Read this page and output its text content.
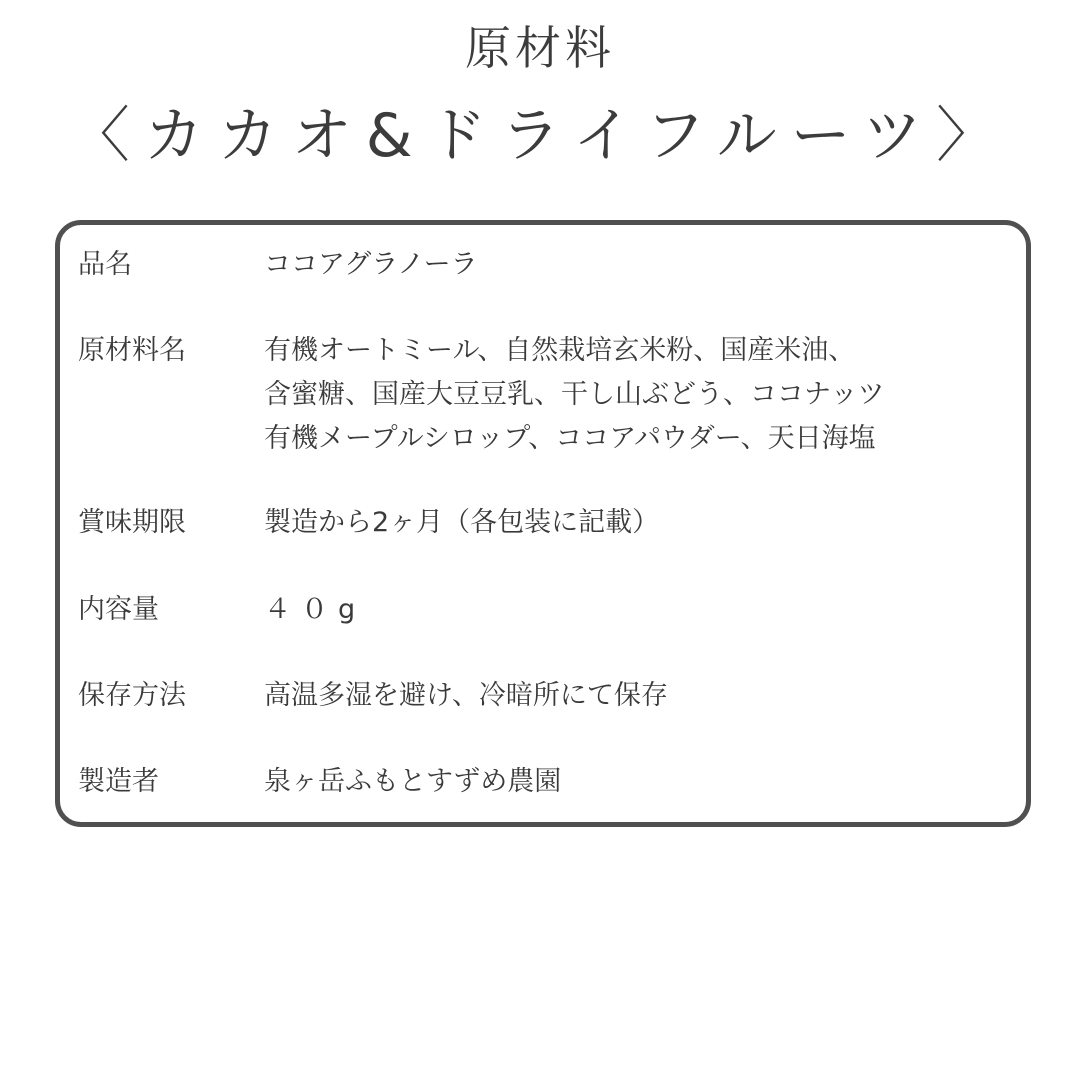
原材料
〈カカオ&ドライフルーツ〉
品名	ココアグラノーラ
原材料名	有機オートミール、自然栽培玄米粉、国産米油、
含蜜糖、国産大豆豆乳、干し山ぶどう、ココナッツ
有機メープルシロップ、ココアパウダー、天日海塩
賞味期限	製造から2ヶ月（各包装に記載）
内容量	４０g
保存方法	高温多湿を避け、冷暗所にて保存
製造者	泉ヶ岳ふもとすずめ農園
